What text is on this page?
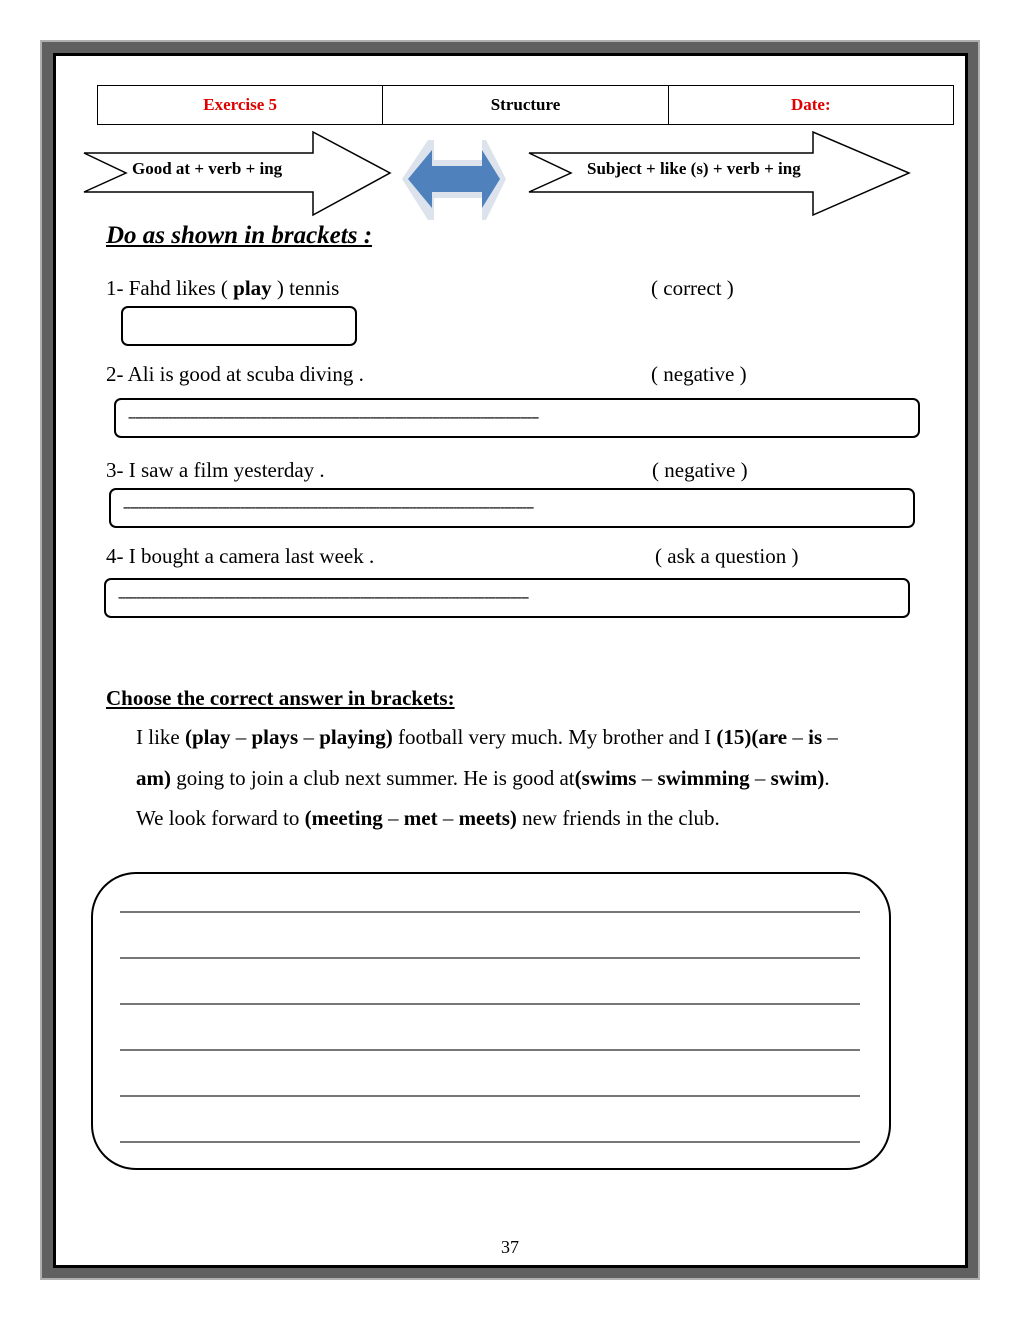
Exercise 5	Structure	Date:
Good at + verb + ing	Subject + like (s) + verb + ing
Do as shown in brackets :
1- Fahd likes ( play ) tennis	( correct )
2- Ali is good at scuba diving .	( negative )
----------------------------------------------------------------------------------------------------------------
3- I saw a film yesterday .	( negative )
----------------------------------------------------------------------------------------------------------------
4- I bought a camera last week .	( ask a question )
----------------------------------------------------------------------------------------------------------------
Choose the correct answer in brackets:
I like (play – plays – playing) football very much. My brother and I (15)(are – is –
am) going to join a club next summer. He is good at(swims – swimming – swim).
We look forward to (meeting – met – meets) new friends in the club.
37
